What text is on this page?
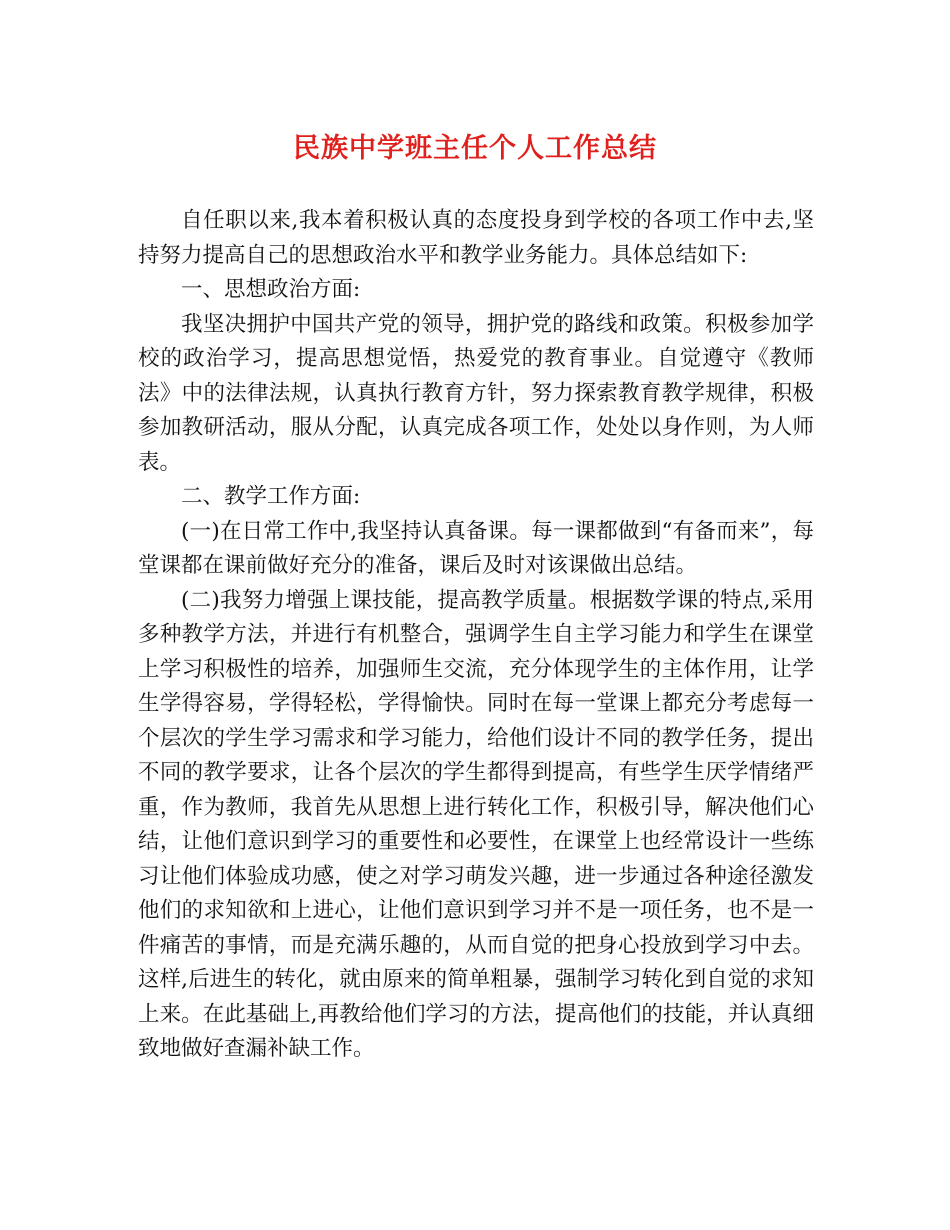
民族中学班主任个人工作总结

自任职以来,我本着积极认真的态度投身到学校的各项工作中去,坚持努力提高自己的思想政治水平和教学业务能力。具体总结如下:

一、思想政治方面:

我坚决拥护中国共产党的领导，拥护党的路线和政策。积极参加学校的政治学习，提高思想觉悟，热爱党的教育事业。自觉遵守《教师法》中的法律法规，认真执行教育方针，努力探索教育教学规律，积极参加教研活动，服从分配，认真完成各项工作，处处以身作则，为人师表。

二、教学工作方面:

(一)在日常工作中,我坚持认真备课。每一课都做到“有备而来”，每堂课都在课前做好充分的准备，课后及时对该课做出总结。

(二)我努力增强上课技能，提高教学质量。根据数学课的特点,采用多种教学方法，并进行有机整合，强调学生自主学习能力和学生在课堂上学习积极性的培养，加强师生交流，充分体现学生的主体作用，让学生学得容易，学得轻松，学得愉快。同时在每一堂课上都充分考虑每一个层次的学生学习需求和学习能力，给他们设计不同的教学任务，提出不同的教学要求，让各个层次的学生都得到提高，有些学生厌学情绪严重，作为教师，我首先从思想上进行转化工作，积极引导，解决他们心结，让他们意识到学习的重要性和必要性，在课堂上也经常设计一些练习让他们体验成功感，使之对学习萌发兴趣，进一步通过各种途径激发他们的求知欲和上进心，让他们意识到学习并不是一项任务，也不是一件痛苦的事情，而是充满乐趣的，从而自觉的把身心投放到学习中去。这样,后进生的转化，就由原来的简单粗暴，强制学习转化到自觉的求知上来。在此基础上,再教给他们学习的方法，提高他们的技能，并认真细致地做好查漏补缺工作。
